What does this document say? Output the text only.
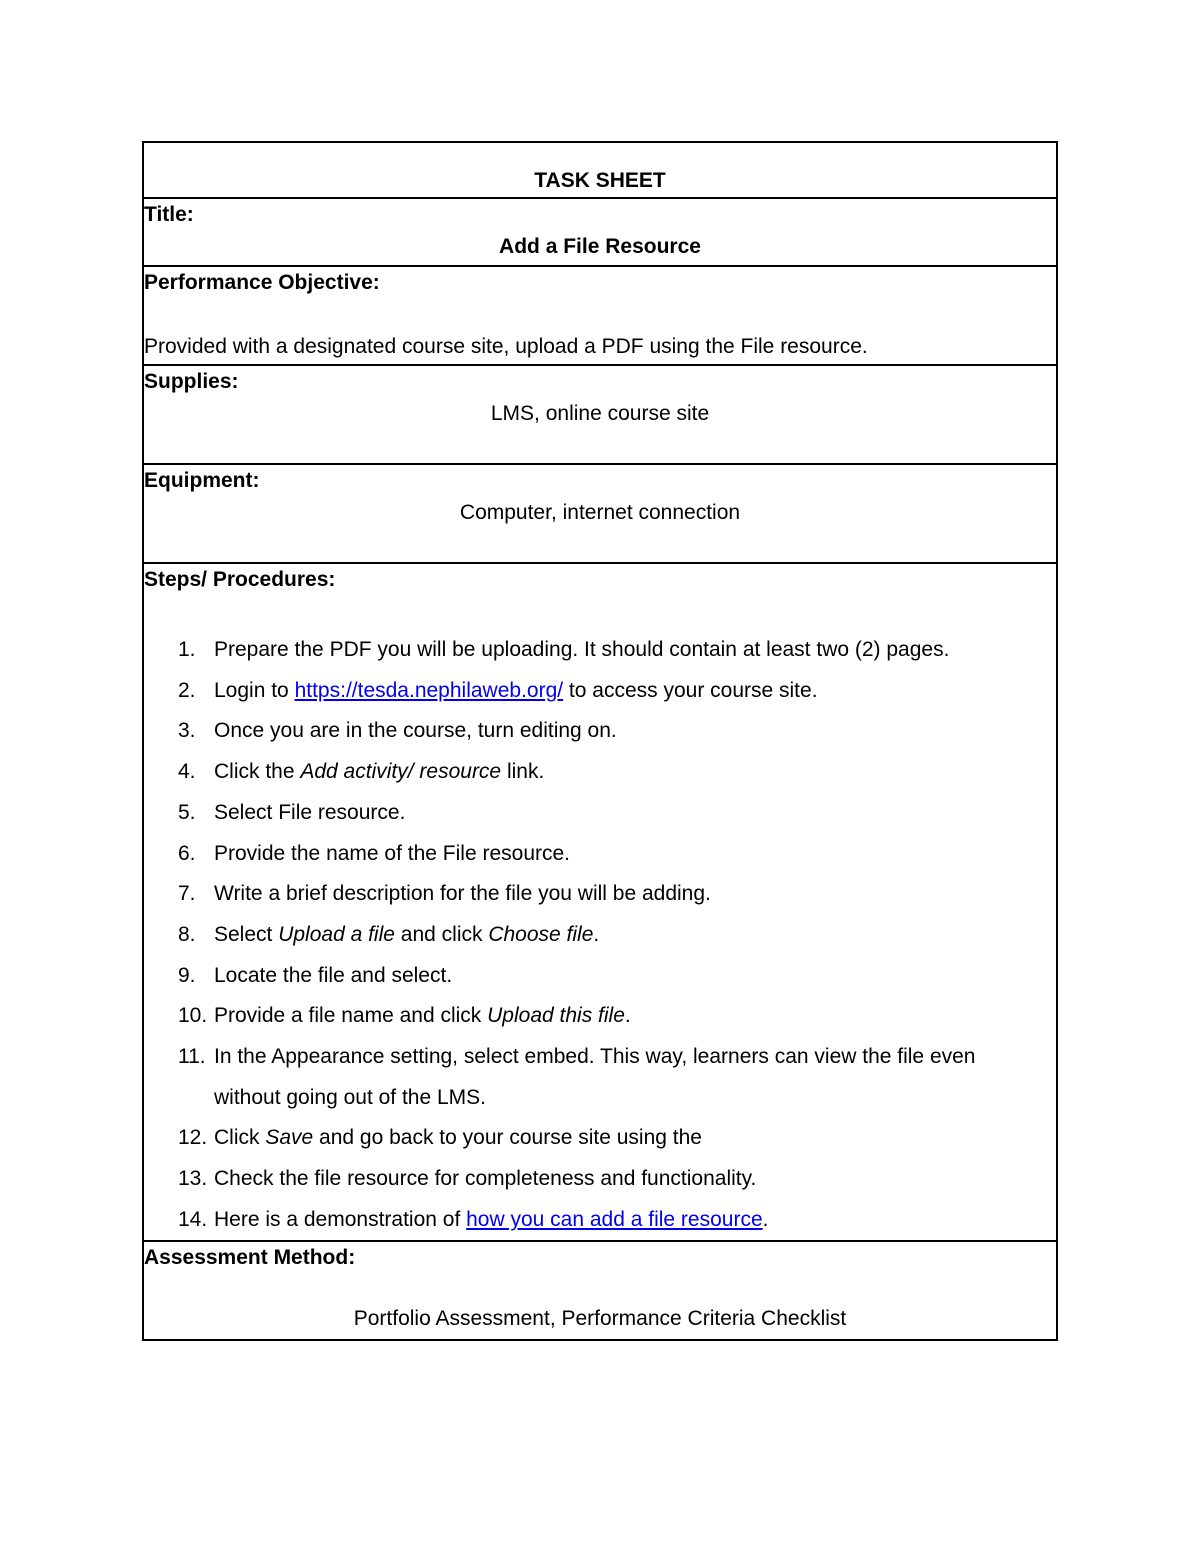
TASK SHEET
Title:
Add a File Resource
Performance Objective:
Provided with a designated course site, upload a PDF using the File resource.
Supplies:
LMS, online course site
Equipment:
Computer, internet connection
Steps/ Procedures:
1. Prepare the PDF you will be uploading. It should contain at least two (2) pages.
2. Login to https://tesda.nephilaweb.org/ to access your course site.
3. Once you are in the course, turn editing on.
4. Click the Add activity/ resource link.
5. Select File resource.
6. Provide the name of the File resource.
7. Write a brief description for the file you will be adding.
8. Select Upload a file and click Choose file.
9. Locate the file and select.
10. Provide a file name and click Upload this file.
11. In the Appearance setting, select embed. This way, learners can view the file even without going out of the LMS.
12. Click Save and go back to your course site using the
13. Check the file resource for completeness and functionality.
14. Here is a demonstration of how you can add a file resource.
Assessment Method:
Portfolio Assessment, Performance Criteria Checklist
